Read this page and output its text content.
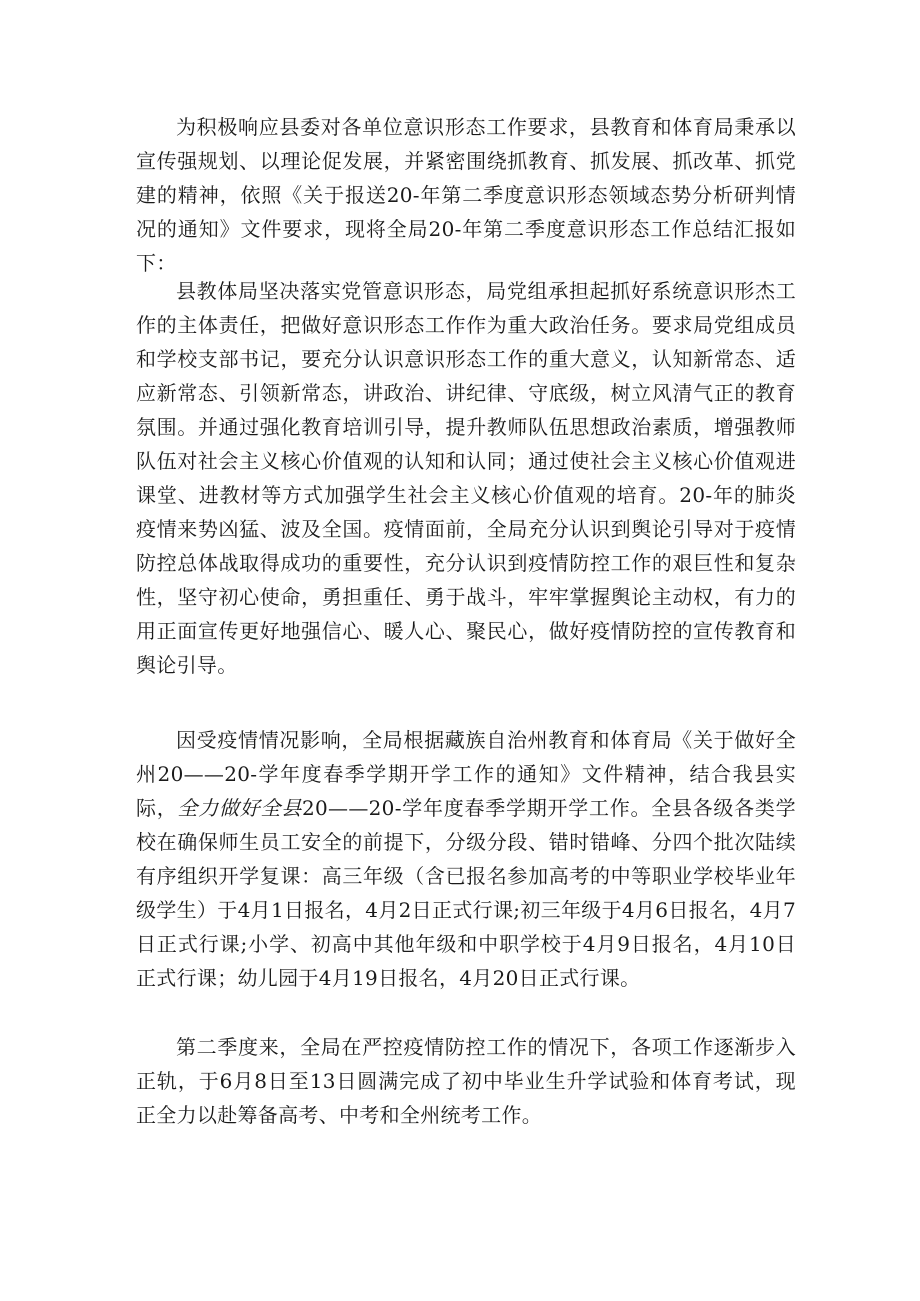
为积极响应县委对各单位意识形态工作要求，县教育和体育局秉承以宣传强规划、以理论促发展，并紧密围绕抓教育、抓发展、抓改革、抓党建的精神，依照《关于报送20-年第二季度意识形态领域态势分析研判情况的通知》文件要求，现将全局20-年第二季度意识形态工作总结汇报如下：

县教体局坚决落实党管意识形态，局党组承担起抓好系统意识形杰工作的主体责任，把做好意识形态工作作为重大政治任务。要求局党组成员和学校支部书记，要充分认识意识形态工作的重大意义，认知新常态、适应新常态、引领新常态，讲政治、讲纪律、守底级，树立风清气正的教育氛围。并通过强化教育培训引导，提升教师队伍思想政治素质，增强教师队伍对社会主义核心价值观的认知和认同；通过使社会主义核心价值观进课堂、进教材等方式加强学生社会主义核心价值观的培育。20-年的肺炎疫情来势凶猛、波及全国。疫情面前，全局充分认识到舆论引导对于疫情防控总体战取得成功的重要性，充分认识到疫情防控工作的艰巨性和复杂性，坚守初心使命，勇担重任、勇于战斗，牢牢掌握舆论主动权，有力的用正面宣传更好地强信心、暖人心、聚民心，做好疫情防控的宣传教育和舆论引导。

因受疫情情况影响，全局根据藏族自治州教育和体育局《关于做好全州20——20-学年度春季学期开学工作的通知》文件精神，结合我县实际，全力做好全县20——20-学年度春季学期开学工作。全县各级各类学校在确保师生员工安全的前提下，分级分段、错时错峰、分四个批次陆续有序组织开学复课：高三年级（含已报名参加高考的中等职业学校毕业年级学生）于4月1日报名，4月2日正式行课;初三年级于4月6日报名，4月7日正式行课;小学、初高中其他年级和中职学校于4月9日报名，4月10日正式行课；幼儿园于4月19日报名，4月20日正式行课。

第二季度来，全局在严控疫情防控工作的情况下，各项工作逐渐步入正轨，于6月8日至13日圆满完成了初中毕业生升学试验和体育考试，现正全力以赴筹备高考、中考和全州统考工作。
